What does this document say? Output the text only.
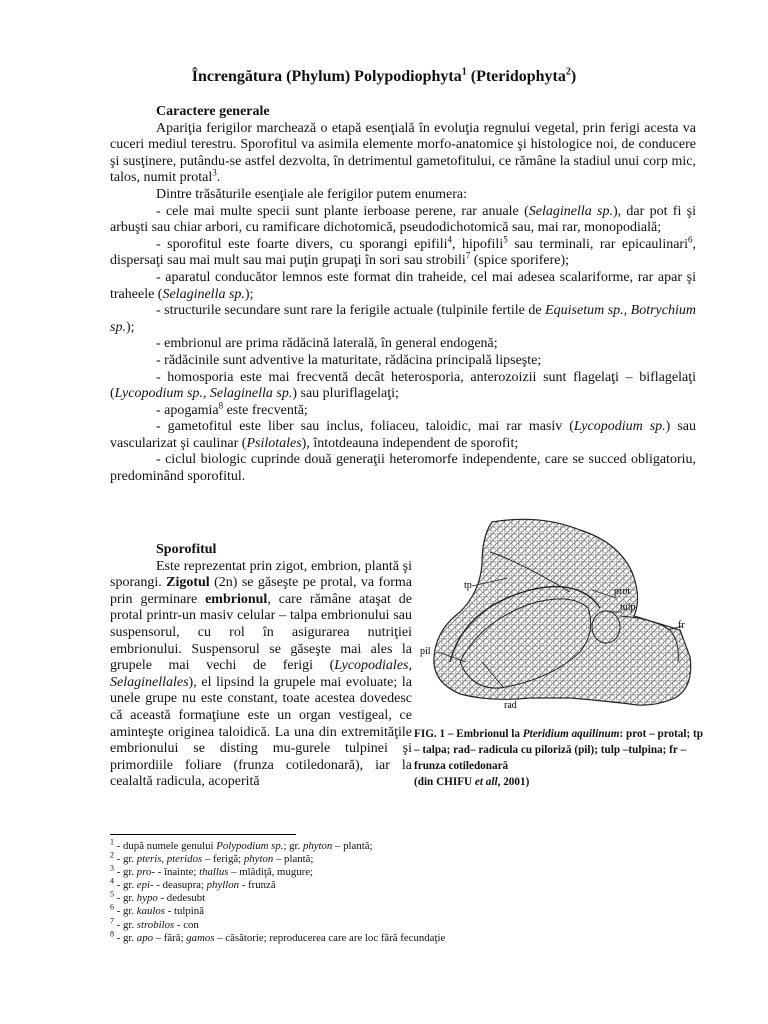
Încrengătura (Phylum) Polypodiophyta$^1$ (Pteridophyta$^2$)

Caractere generale

Apariţia ferigilor marchează o etapă esenţială în evoluţia regnului vegetal, prin ferigi acesta va cuceri mediul terestru. Sporofitul va asimila elemente morfo-anatomice şi histologice noi, de conducere şi susţinere, putându-se astfel dezvolta, în detrimentul gametofitului, ce rămâne la stadiul unui corp mic, talos, numit protal$^3$.

Dintre trăsăturile esenţiale ale ferigilor putem enumera:

- cele mai multe specii sunt plante ierboase perene, rar anuale (Selaginella sp.), dar pot fi şi arbuşti sau chiar arbori, cu ramificare dichotomică, pseudodichotomică sau, mai rar, monopodială;

- sporofitul este foarte divers, cu sporangi epifili$^4$, hipofili$^5$ sau terminali, rar epicaulinari$^6$, dispersaţi sau mai mult sau mai puţin grupaţi în sori sau strobili$^7$ (spice sporifere);

- aparatul conducător lemnos este format din traheide, cel mai adesea scalariforme, rar apar şi traheele (Selaginella sp.);

- structurile secundare sunt rare la ferigile actuale (tulpinile fertile de Equisetum sp., Botrychium sp.);

- embrionul are prima rădăcină laterală, în general endogenă;

- rădăcinile sunt adventive la maturitate, rădăcina principală lipseşte;

- homosporia este mai frecventă decât heterosporia, anterozoizii sunt flagelaţi – biflagelaţi (Lycopodium sp., Selaginella sp.) sau pluriflagelaţi;

- apogamia$^8$ este frecventă;

- gametofitul este liber sau inclus, foliaceu, taloidic, mai rar masiv (Lycopodium sp.) sau vascularizat şi caulinar (Psilotales), întotdeauna independent de sporofit;

- ciclul biologic cuprinde două generaţii heteromorfe independente, care se succed obligatoriu, predominând sporofitul.

Sporofitul

Este reprezentat prin zigot, embrion, plantă şi sporangi. Zigotul (2n) se găseşte pe protal, va forma prin germinare embrionul, care rămâne ataşat de protal printr-un masiv celular – talpa embrionului sau suspensorul, cu rol în asigurarea nutriţiei embrionului. Suspensorul se găseşte mai ales la grupele mai vechi de ferigi (Lycopodiales, Selaginellales), el lipsind la grupele mai evoluate; la unele grupe nu este constant, toate acestea dovedesc că această formaţiune este un organ vestigeal, ce aminteşte originea taloidică. La una din extremităţile embrionului se disting mu-gurele tulpinei şi primordiile foliare (frunza cotiledonară), iar la cealaltă radicula, acoperită

tp
prot
tulp
fr
pil
rad
FIG. 1 – Embrionul la Pteridium aquilinum: prot – protal; tp – talpa; rad– radicula cu piloriză (pil); tulp –tulpina; fr – frunza cotiledonară
(din CHIFU et all, 2001)
$^1$ - după numele genului Polypodium sp.; gr. phyton – plantă;
$^2$ - gr. pteris, pteridos – ferigă; phyton – plantă;
$^3$ - gr. pro- - înainte; thallus – mlădiţă, mugure;
$^4$ - gr. epi- - deasupra; phyllon - frunză
$^5$ - gr. hypo - dedesubt
$^6$ - gr. kaulos - tulpină
$^7$ - gr. strobilos - con
$^8$ - gr. apo – fără; gamos – căsătorie; reproducerea care are loc fără fecundaţie
